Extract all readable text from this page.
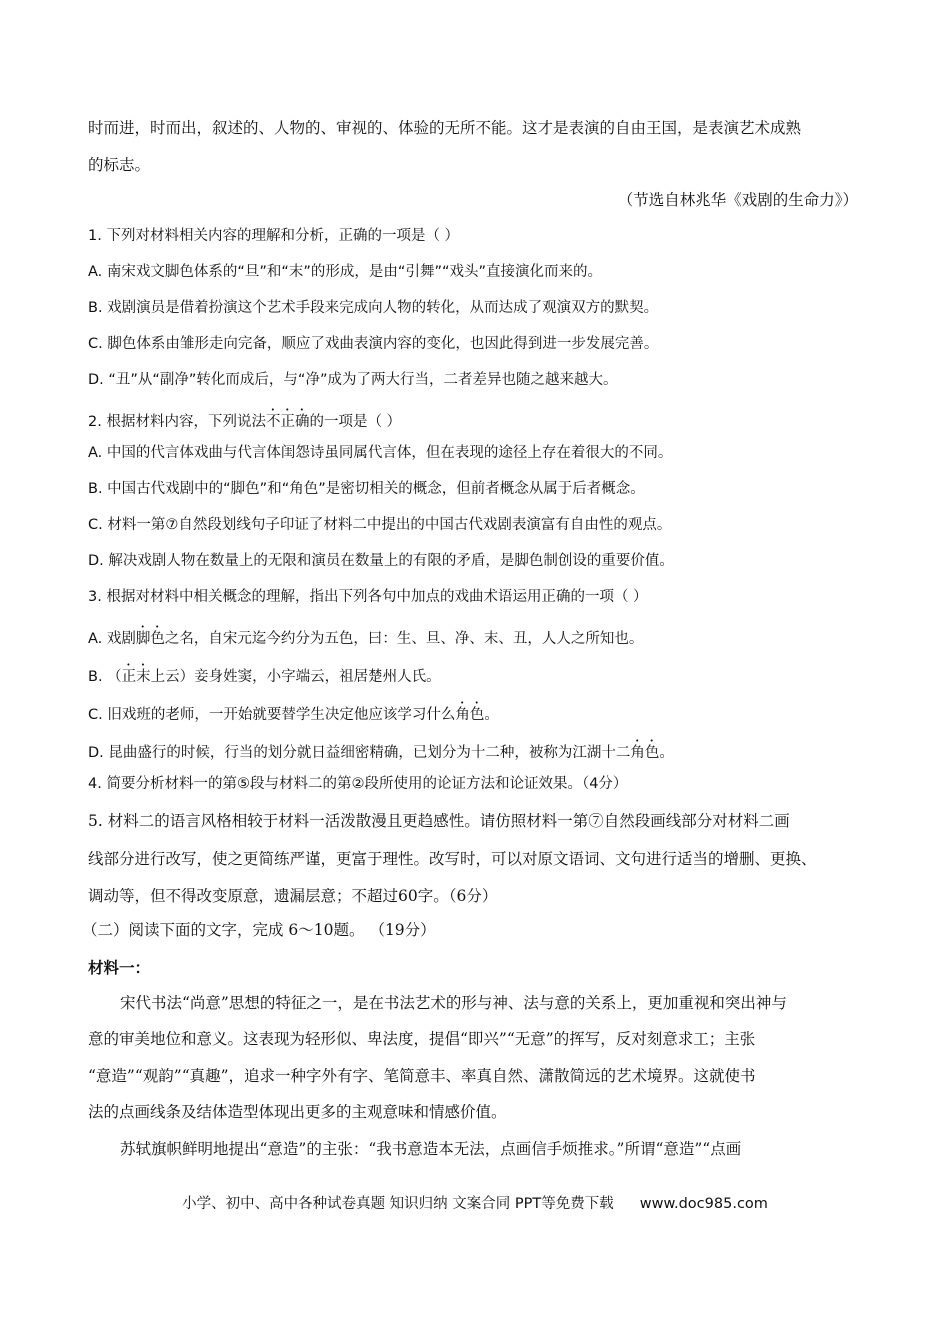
时而进，时而出，叙述的、人物的、审视的、体验的无所不能。这才是表演的自由王国，是表演艺术成熟
的标志。
（节选自林兆华《戏剧的生命力》）
1. 下列对材料相关内容的理解和分析，正确的一项是（ ）
A. 南宋戏文脚色体系的“旦”和“末”的形成，是由“引舞”“戏头”直接演化而来的。
B. 戏剧演员是借着扮演这个艺术手段来完成向人物的转化，从而达成了观演双方的默契。
C. 脚色体系由雏形走向完备，顺应了戏曲表演内容的变化，也因此得到进一步发展完善。
D. “丑”从“副净”转化而成后，与“净”成为了两大行当，二者差异也随之越来越大。
2. 根据材料内容，下列说法不正确的一项是（ ）
A. 中国的代言体戏曲与代言体闺怨诗虽同属代言体，但在表现的途径上存在着很大的不同。
B. 中国古代戏剧中的“脚色”和“角色”是密切相关的概念，但前者概念从属于后者概念。
C. 材料一第⑦自然段划线句子印证了材料二中提出的中国古代戏剧表演富有自由性的观点。
D. 解决戏剧人物在数量上的无限和演员在数量上的有限的矛盾，是脚色制创设的重要价值。
3. 根据对材料中相关概念的理解，指出下列各句中加点的戏曲术语运用正确的一项（ ）
A. 戏剧脚色之名，自宋元迄今约分为五色，曰：生、旦、净、末、丑，人人之所知也。
B. （正末上云）妾身姓窦，小字端云，祖居楚州人氏。
C. 旧戏班的老师，一开始就要替学生决定他应该学习什么角色。
D. 昆曲盛行的时候，行当的划分就日益细密精确，已划分为十二种，被称为江湖十二角色。
4. 简要分析材料一的第⑤段与材料二的第②段所使用的论证方法和论证效果。（4分）
5. 材料二的语言风格相较于材料一活泼散漫且更趋感性。请仿照材料一第⑦自然段画线部分对材料二画
线部分进行改写，使之更简练严谨，更富于理性。改写时，可以对原文语词、文句进行适当的增删、更换、
调动等，但不得改变原意，遗漏层意；不超过60字。（6分）
（二）阅读下面的文字，完成 6～10题。 （19分）
材料一：
宋代书法“尚意”思想的特征之一，是在书法艺术的形与神、法与意的关系上，更加重视和突出神与
意的审美地位和意义。这表现为轻形似、卑法度，提倡“即兴”“无意”的挥写，反对刻意求工；主张
“意造”“观韵”“真趣”，追求一种字外有字、笔简意丰、率真自然、潇散简远的艺术境界。这就使书
法的点画线条及结体造型体现出更多的主观意味和情感价值。
苏轼旗帜鲜明地提出“意造”的主张：“我书意造本无法，点画信手烦推求。”所谓“意造”“点画
小学、初中、高中各种试卷真题 知识归纳 文案合同 PPT等免费下载 www.doc985.com
